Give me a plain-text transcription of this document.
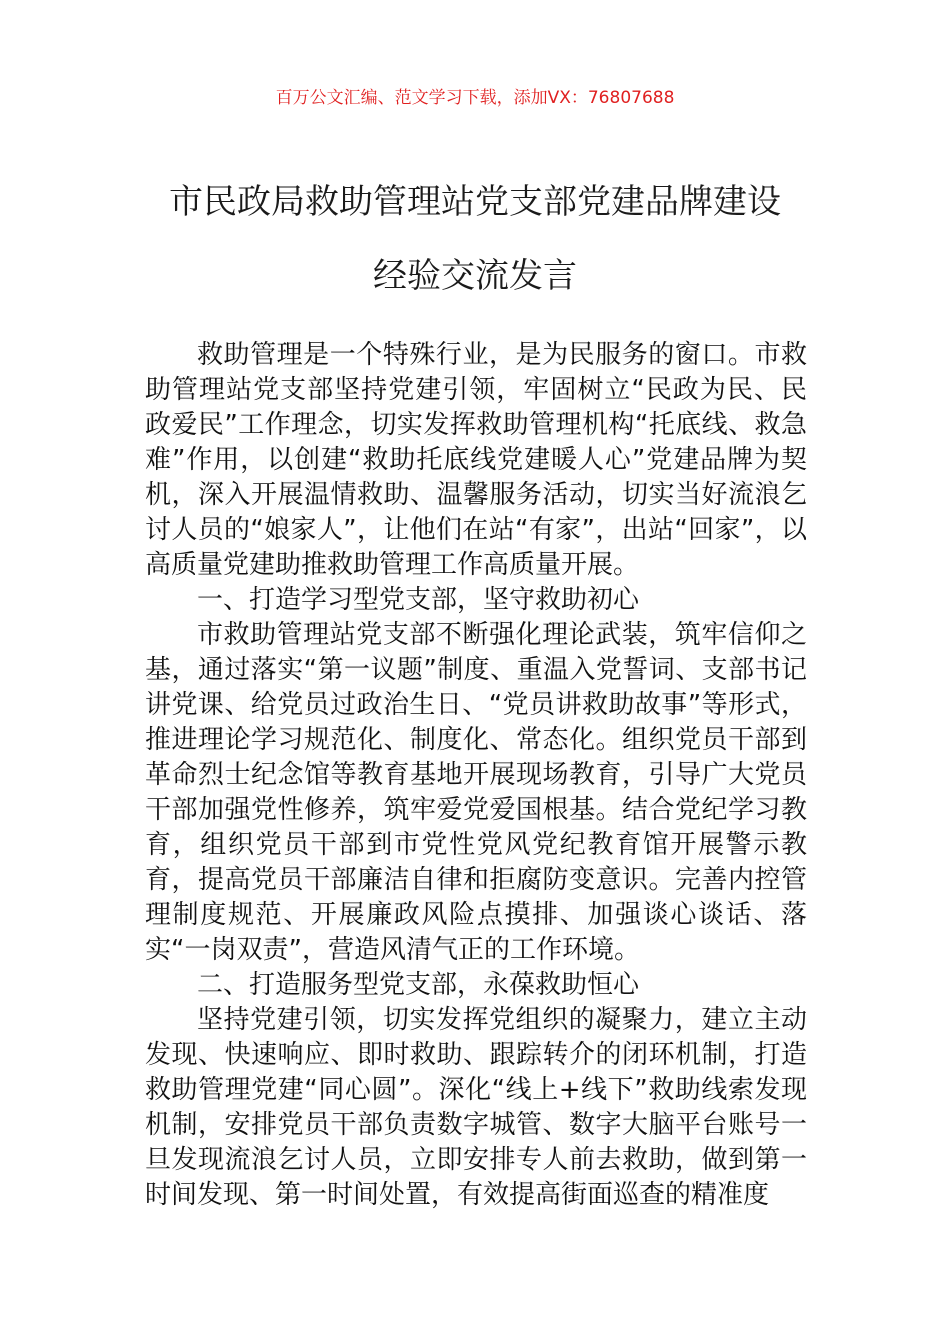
百万公文汇编、范文学习下载，添加VX：76807688
市民政局救助管理站党支部党建品牌建设
经验交流发言

救助管理是一个特殊行业，是为民服务的窗口。市救助管理站党支部坚持党建引领，牢固树立“民政为民、民政爱民”工作理念，切实发挥救助管理机构“托底线、救急难”作用，以创建“救助托底线党建暖人心”党建品牌为契机，深入开展温情救助、温馨服务活动，切实当好流浪乞讨人员的“娘家人”，让他们在站“有家”，出站“回家”，以高质量党建助推救助管理工作高质量开展。

一、打造学习型党支部，坚守救助初心

市救助管理站党支部不断强化理论武装，筑牢信仰之基，通过落实“第一议题”制度、重温入党誓词、支部书记讲党课、给党员过政治生日、“党员讲救助故事”等形式，推进理论学习规范化、制度化、常态化。组织党员干部到革命烈士纪念馆等教育基地开展现场教育，引导广大党员干部加强党性修养，筑牢爱党爱国根基。结合党纪学习教育，组织党员干部到市党性党风党纪教育馆开展警示教育，提高党员干部廉洁自律和拒腐防变意识。完善内控管理制度规范、开展廉政风险点摸排、加强谈心谈话、落实“一岗双责”，营造风清气正的工作环境。

二、打造服务型党支部，永葆救助恒心

坚持党建引领，切实发挥党组织的凝聚力，建立主动发现、快速响应、即时救助、跟踪转介的闭环机制，打造救助管理党建“同心圆”。深化“线上+线下”救助线索发现机制，安排党员干部负责数字城管、数字大脑平台账号一旦发现流浪乞讨人员，立即安排专人前去救助，做到第一时间发现、第一时间处置，有效提高街面巡查的精准度
